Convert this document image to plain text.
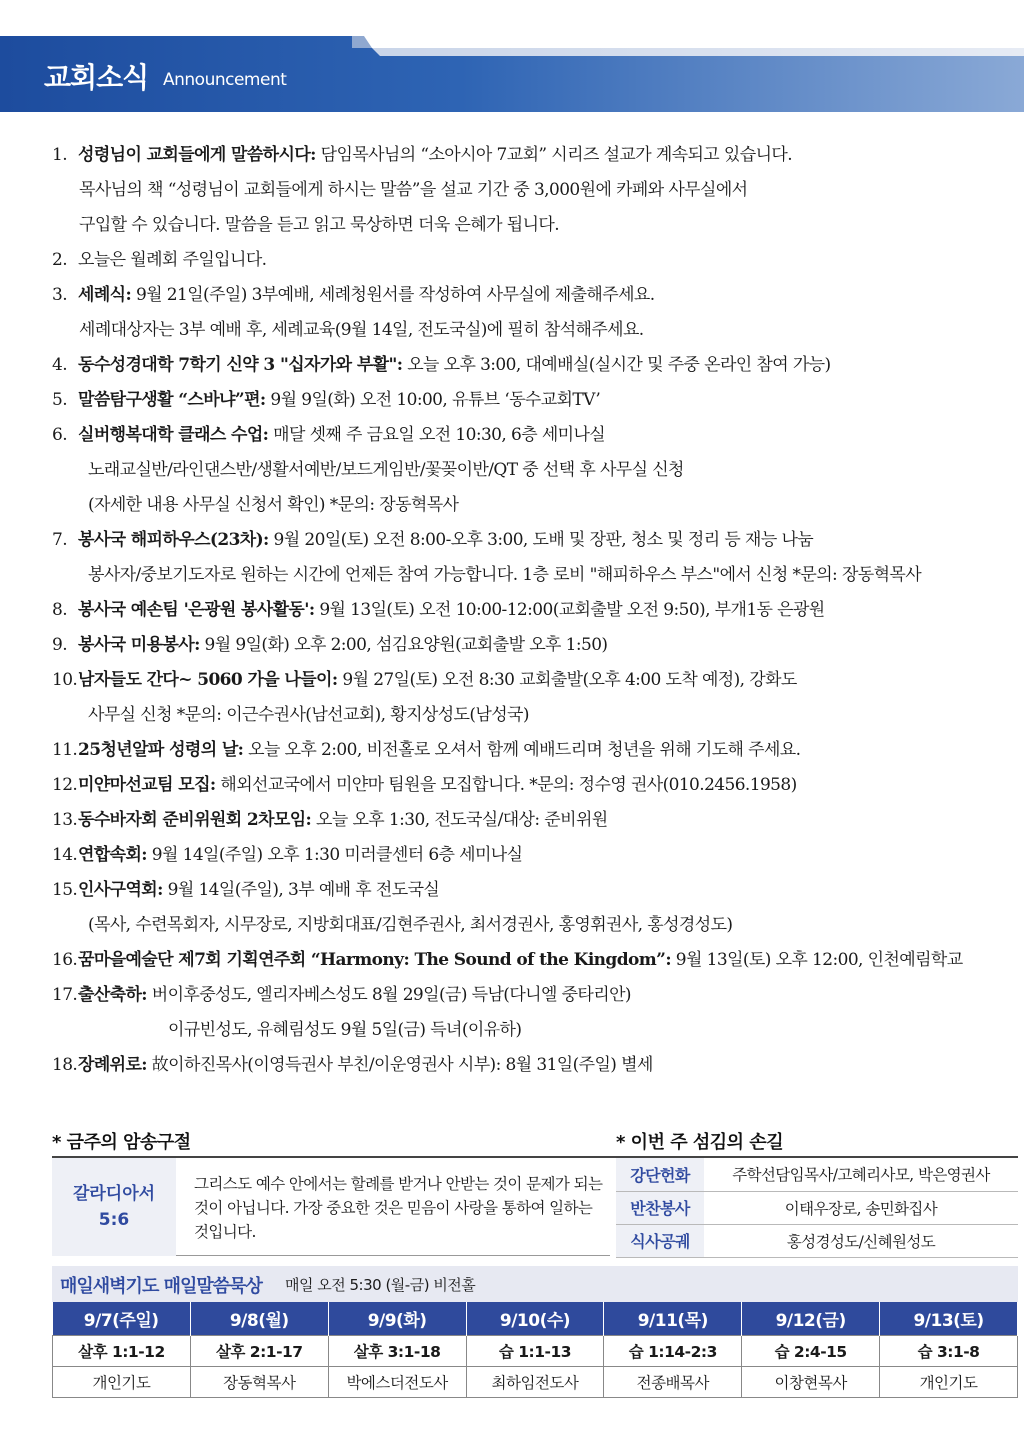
교회소식 Announcement
1. 성령님이 교회들에게 말씀하시다: 담임목사님의 “소아시아 7교회” 시리즈 설교가 계속되고 있습니다.
목사님의 책 “성령님이 교회들에게 하시는 말씀”을 설교 기간 중 3,000원에 카페와 사무실에서
구입할 수 있습니다. 말씀을 듣고 읽고 묵상하면 더욱 은혜가 됩니다.
2. 오늘은 월례회 주일입니다.
3. 세례식: 9월 21일(주일) 3부예배, 세례청원서를 작성하여 사무실에 제출해주세요.
세례대상자는 3부 예배 후, 세례교육(9월 14일, 전도국실)에 필히 참석해주세요.
4. 동수성경대학 7학기 신약 3 "십자가와 부활": 오늘 오후 3:00, 대예배실(실시간 및 주중 온라인 참여 가능)
5. 말씀탐구생활 “스바냐”편: 9월 9일(화) 오전 10:00, 유튜브 ‘동수교회TV’
6. 실버행복대학 클래스 수업: 매달 셋째 주 금요일 오전 10:30, 6층 세미나실
노래교실반/라인댄스반/생활서예반/보드게임반/꽃꽂이반/QT 중 선택 후 사무실 신청
(자세한 내용 사무실 신청서 확인) *문의: 장동혁목사
7. 봉사국 해피하우스(23차): 9월 20일(토) 오전 8:00-오후 3:00, 도배 및 장판, 청소 및 정리 등 재능 나눔
봉사자/중보기도자로 원하는 시간에 언제든 참여 가능합니다. 1층 로비 "해피하우스 부스"에서 신청 *문의: 장동혁목사
8. 봉사국 예손팀 '은광원 봉사활동': 9월 13일(토) 오전 10:00-12:00(교회출발 오전 9:50), 부개1동 은광원
9. 봉사국 미용봉사: 9월 9일(화) 오후 2:00, 섬김요양원(교회출발 오후 1:50)
10.남자들도 간다~ 5060 가을 나들이: 9월 27일(토) 오전 8:30 교회출발(오후 4:00 도착 예정), 강화도
사무실 신청 *문의: 이근수권사(남선교회), 황지상성도(남성국)
11.25청년알파 성령의 날: 오늘 오후 2:00, 비전홀로 오셔서 함께 예배드리며 청년을 위해 기도해 주세요.
12.미얀마선교팀 모집: 해외선교국에서 미얀마 팀원을 모집합니다. *문의: 정수영 권사(010.2456.1958)
13.동수바자회 준비위원회 2차모임: 오늘 오후 1:30, 전도국실/대상: 준비위원
14.연합속회: 9월 14일(주일) 오후 1:30 미러클센터 6층 세미나실
15.인사구역회: 9월 14일(주일), 3부 예배 후 전도국실
(목사, 수련목회자, 시무장로, 지방회대표/김현주권사, 최서경권사, 홍영휘권사, 홍성경성도)
16.꿈마을예술단 제7회 기획연주회 “Harmony: The Sound of the Kingdom”: 9월 13일(토) 오후 12:00, 인천예림학교
17.출산축하: 버이후중성도, 엘리자베스성도 8월 29일(금) 득남(다니엘 중타리안)
이규빈성도, 유혜림성도 9월 5일(금) 득녀(이유하)
18.장례위로: 故이하진목사(이영득권사 부친/이운영권사 시부): 8월 31일(주일) 별세
* 금주의 암송구절
갈라디아서
5:6
그리스도 예수 안에서는 할례를 받거나 안받는 것이 문제가 되는 것이 아닙니다. 가장 중요한 것은 믿음이 사랑을 통하여 일하는 것입니다.
* 이번 주 섬김의 손길
강단헌화	주학선담임목사/고혜리사모, 박은영권사
반찬봉사	이태우장로, 송민화집사
식사공궤	홍성경성도/신혜원성도
매일새벽기도 매일말씀묵상 매일 오전 5:30 (월-금) 비전홀
9/7(주일)	9/8(월)	9/9(화)	9/10(수)	9/11(목)	9/12(금)	9/13(토)
살후 1:1-12	살후 2:1-17	살후 3:1-18	습 1:1-13	습 1:14-2:3	습 2:4-15	습 3:1-8
개인기도	장동혁목사	박에스더전도사	최하임전도사	전종배목사	이창현목사	개인기도
